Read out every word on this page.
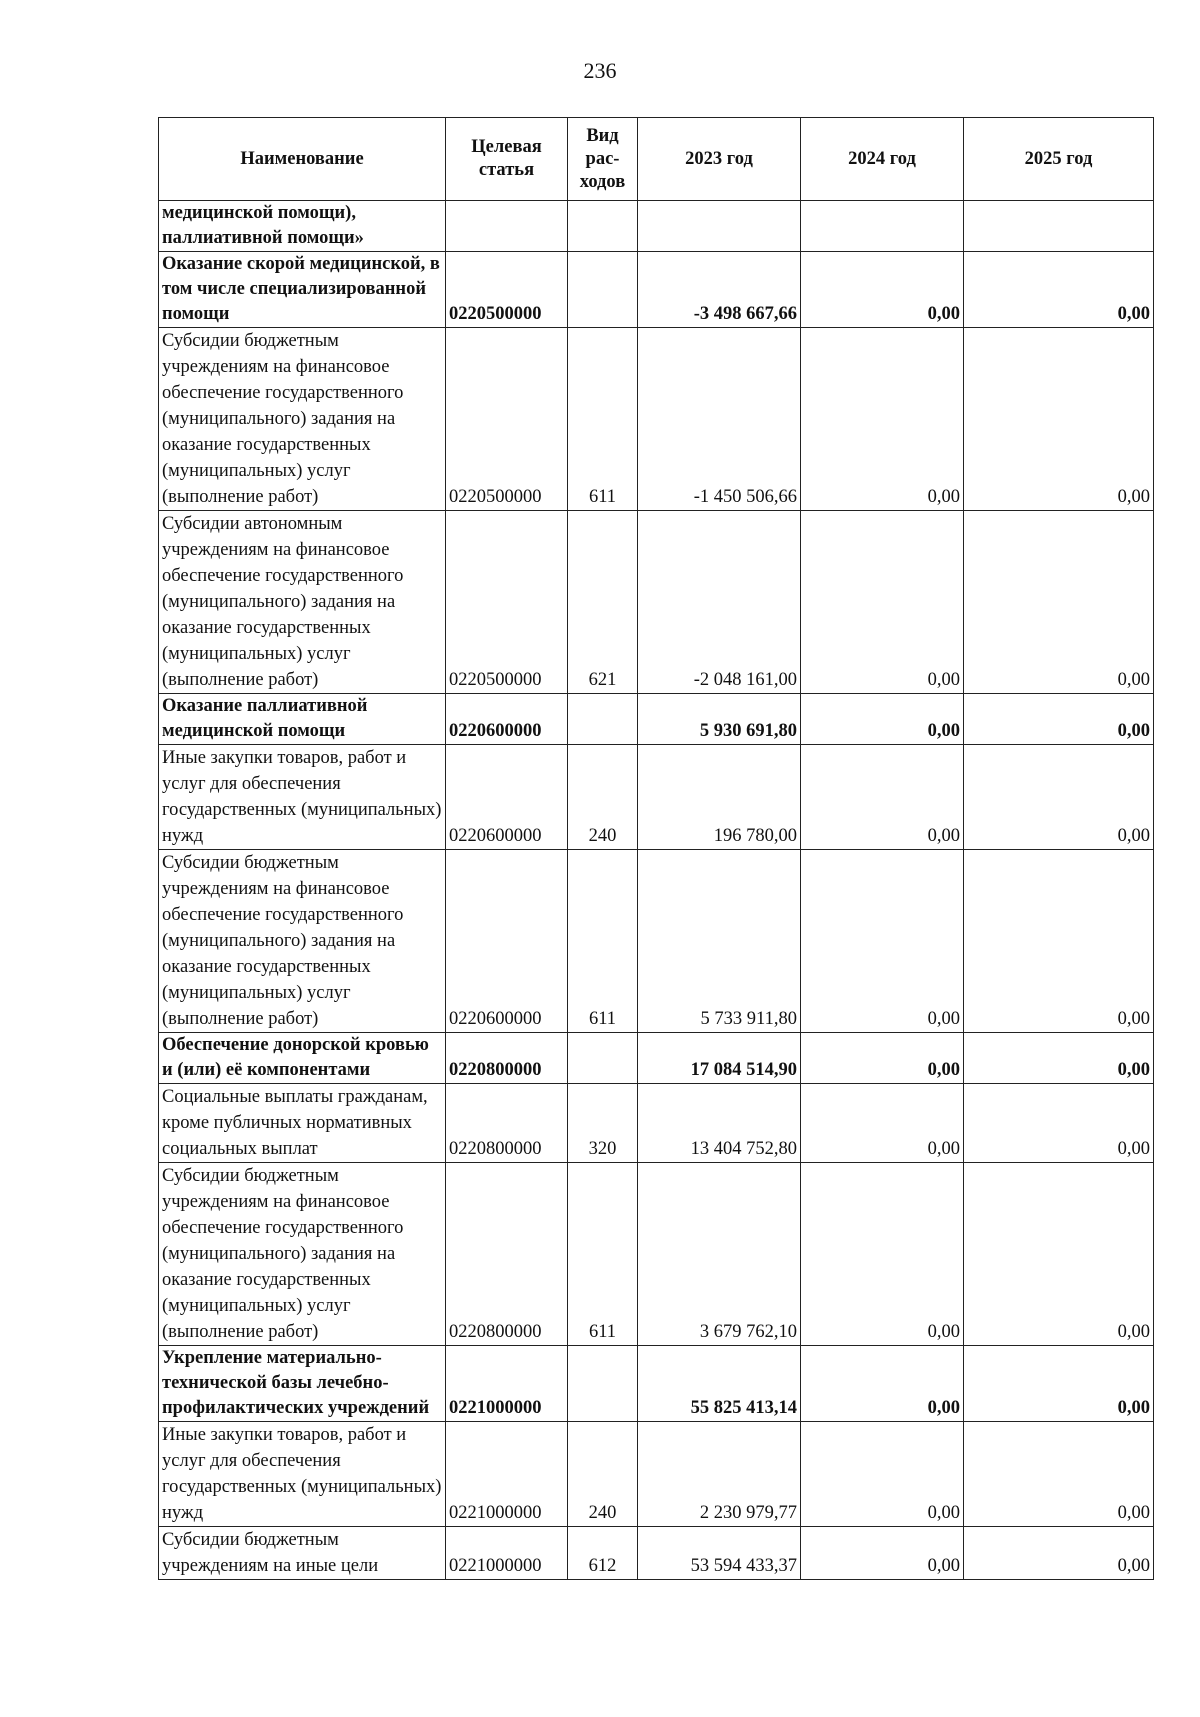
236
Наименование	Целевая статья	Вид рас-ходов	2023 год	2024 год	2025 год
медицинской помощи), паллиативной помощи»					
Оказание скорой медицинской, в том числе специализированной помощи	0220500000		-3 498 667,66	0,00	0,00
Субсидии бюджетным учреждениям на финансовое обеспечение государственного (муниципального) задания на оказание государственных (муниципальных) услуг (выполнение работ)	0220500000	611	-1 450 506,66	0,00	0,00
Субсидии автономным учреждениям на финансовое обеспечение государственного (муниципального) задания на оказание государственных (муниципальных) услуг (выполнение работ)	0220500000	621	-2 048 161,00	0,00	0,00
Оказание паллиативной медицинской помощи	0220600000		5 930 691,80	0,00	0,00
Иные закупки товаров, работ и услуг для обеспечения государственных (муниципальных) нужд	0220600000	240	196 780,00	0,00	0,00
Субсидии бюджетным учреждениям на финансовое обеспечение государственного (муниципального) задания на оказание государственных (муниципальных) услуг (выполнение работ)	0220600000	611	5 733 911,80	0,00	0,00
Обеспечение донорской кровью и (или) её компонентами	0220800000		17 084 514,90	0,00	0,00
Социальные выплаты гражданам, кроме публичных нормативных социальных выплат	0220800000	320	13 404 752,80	0,00	0,00
Субсидии бюджетным учреждениям на финансовое обеспечение государственного (муниципального) задания на оказание государственных (муниципальных) услуг (выполнение работ)	0220800000	611	3 679 762,10	0,00	0,00
Укрепление материально-технической базы лечебно-профилактических учреждений	0221000000		55 825 413,14	0,00	0,00
Иные закупки товаров, работ и услуг для обеспечения государственных (муниципальных) нужд	0221000000	240	2 230 979,77	0,00	0,00
Субсидии бюджетным учреждениям на иные цели	0221000000	612	53 594 433,37	0,00	0,00
